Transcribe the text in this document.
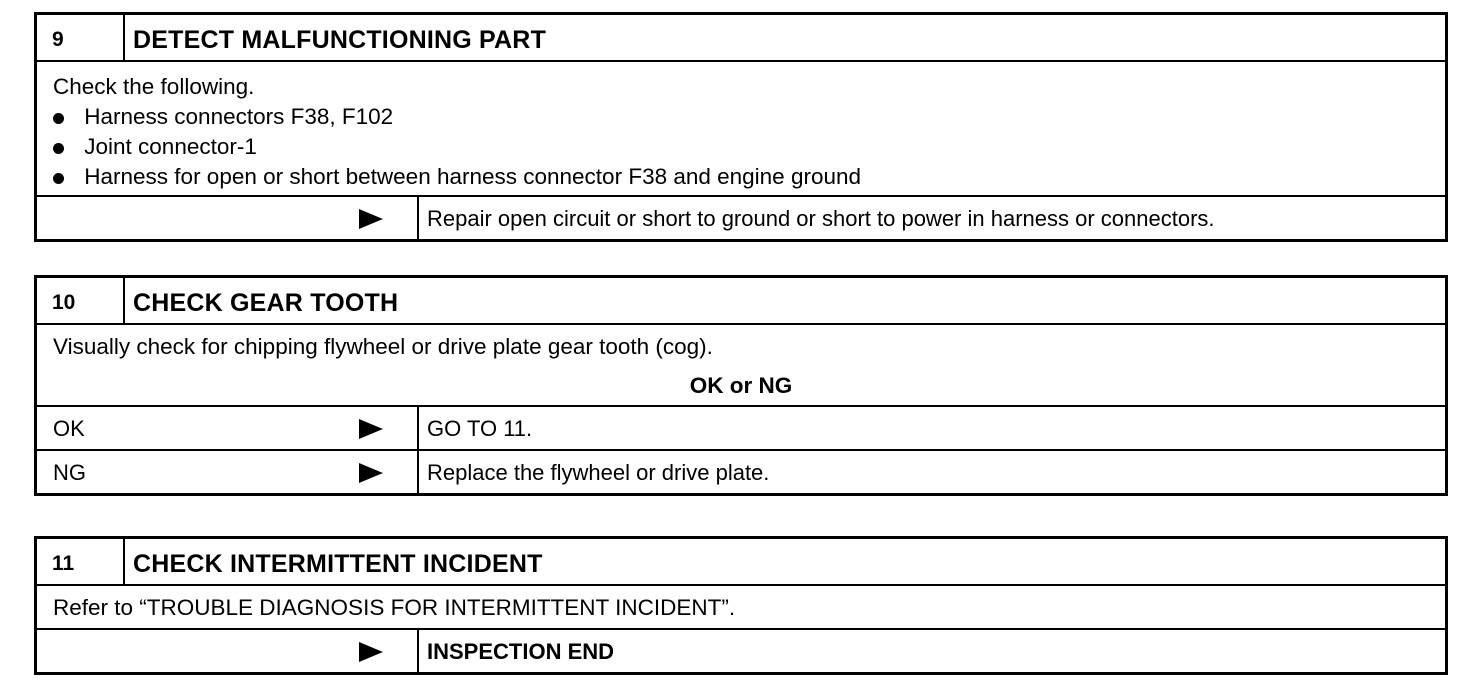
9	DETECT MALFUNCTIONING PART
Check the following.
Harness connectors F38, F102
Joint connector-1
Harness for open or short between harness connector F38 and engine ground
Repair open circuit or short to ground or short to power in harness or connectors.
10	CHECK GEAR TOOTH
Visually check for chipping flywheel or drive plate gear tooth (cog).
OK or NG
OK	GO TO 11.
NG	Replace the flywheel or drive plate.
11	CHECK INTERMITTENT INCIDENT
Refer to “TROUBLE DIAGNOSIS FOR INTERMITTENT INCIDENT”.
INSPECTION END
